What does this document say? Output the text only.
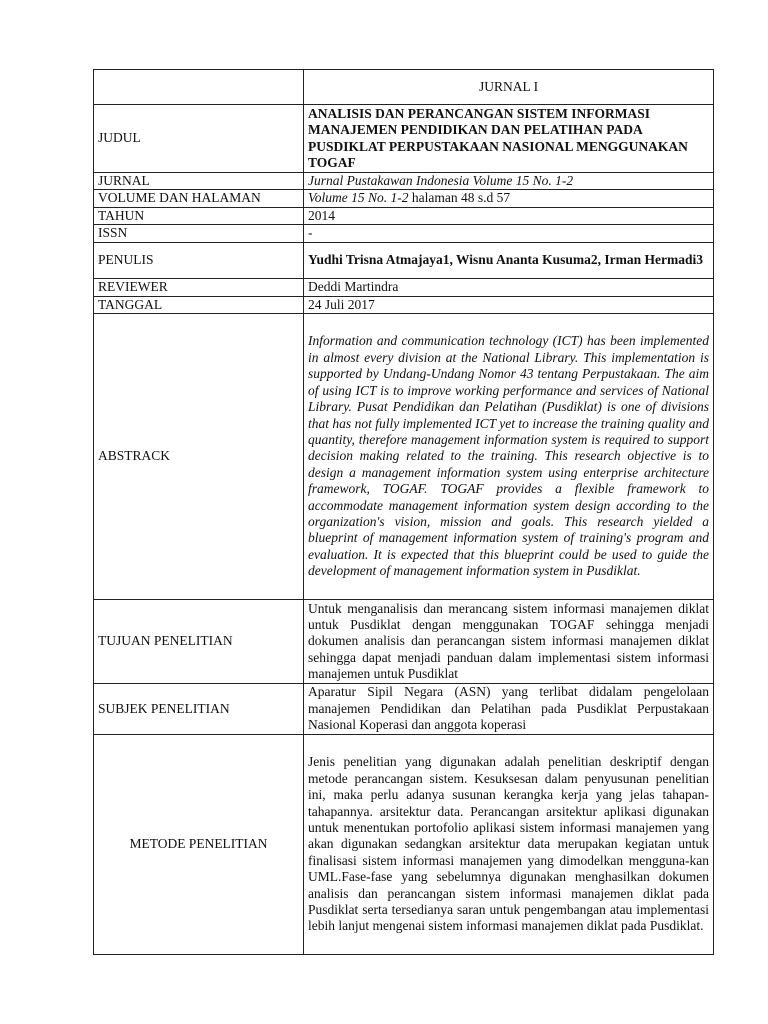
	JURNAL I
JUDUL	ANALISIS DAN PERANCANGAN SISTEM INFORMASI MANAJEMEN PENDIDIKAN DAN PELATIHAN PADA PUSDIKLAT PERPUSTAKAAN NASIONAL MENGGUNAKAN TOGAF
JURNAL	Jurnal Pustakawan Indonesia Volume 15 No. 1-2
VOLUME DAN HALAMAN	Volume 15 No. 1-2 halaman 48 s.d 57
TAHUN	2014
ISSN	-
PENULIS	Yudhi Trisna Atmajaya1, Wisnu Ananta Kusuma2, Irman Hermadi3
REVIEWER	Deddi Martindra
TANGGAL	24 Juli 2017
ABSTRACK	Information and communication technology (ICT) has been implemented in almost every division at the National Library. This implementation is supported by Undang-Undang Nomor 43 tentang Perpustakaan. The aim of using ICT is to improve working performance and services of National Library. Pusat Pendidikan dan Pelatihan (Pusdiklat) is one of divisions that has not fully implemented ICT yet to increase the training quality and quantity, therefore management information system is required to support decision making related to the training. This research objective is to design a management information system using enterprise architecture framework, TOGAF. TOGAF provides a flexible framework to accommodate management information system design according to the organization's vision, mission and goals. This research yielded a blueprint of management information system of training's program and evaluation. It is expected that this blueprint could be used to guide the development of management information system in Pusdiklat.
TUJUAN PENELITIAN	Untuk menganalisis dan merancang sistem informasi manajemen diklat untuk Pusdiklat dengan menggunakan TOGAF sehingga menjadi dokumen analisis dan perancangan sistem informasi manajemen diklat sehingga dapat menjadi panduan dalam implementasi sistem informasi manajemen untuk Pusdiklat
SUBJEK PENELITIAN	Aparatur Sipil Negara (ASN) yang terlibat didalam pengelolaan manajemen Pendidikan dan Pelatihan pada Pusdiklat Perpustakaan Nasional Koperasi dan anggota koperasi
METODE PENELITIAN	Jenis penelitian yang digunakan adalah penelitian deskriptif dengan metode perancangan sistem. Kesuksesan dalam penyusunan penelitian ini, maka perlu adanya susunan kerangka kerja yang jelas tahapan-tahapannya. arsitektur data. Perancangan arsitektur aplikasi digunakan untuk menentukan portofolio aplikasi sistem informasi manajemen yang akan digunakan sedangkan arsitektur data merupakan kegiatan untuk finalisasi sistem informasi manajemen yang dimodelkan mengguna-kan UML.Fase-fase yang sebelumnya digunakan menghasilkan dokumen analisis dan perancangan sistem informasi manajemen diklat pada Pusdiklat serta tersedianya saran untuk pengembangan atau implementasi lebih lanjut mengenai sistem informasi manajemen diklat pada Pusdiklat.
